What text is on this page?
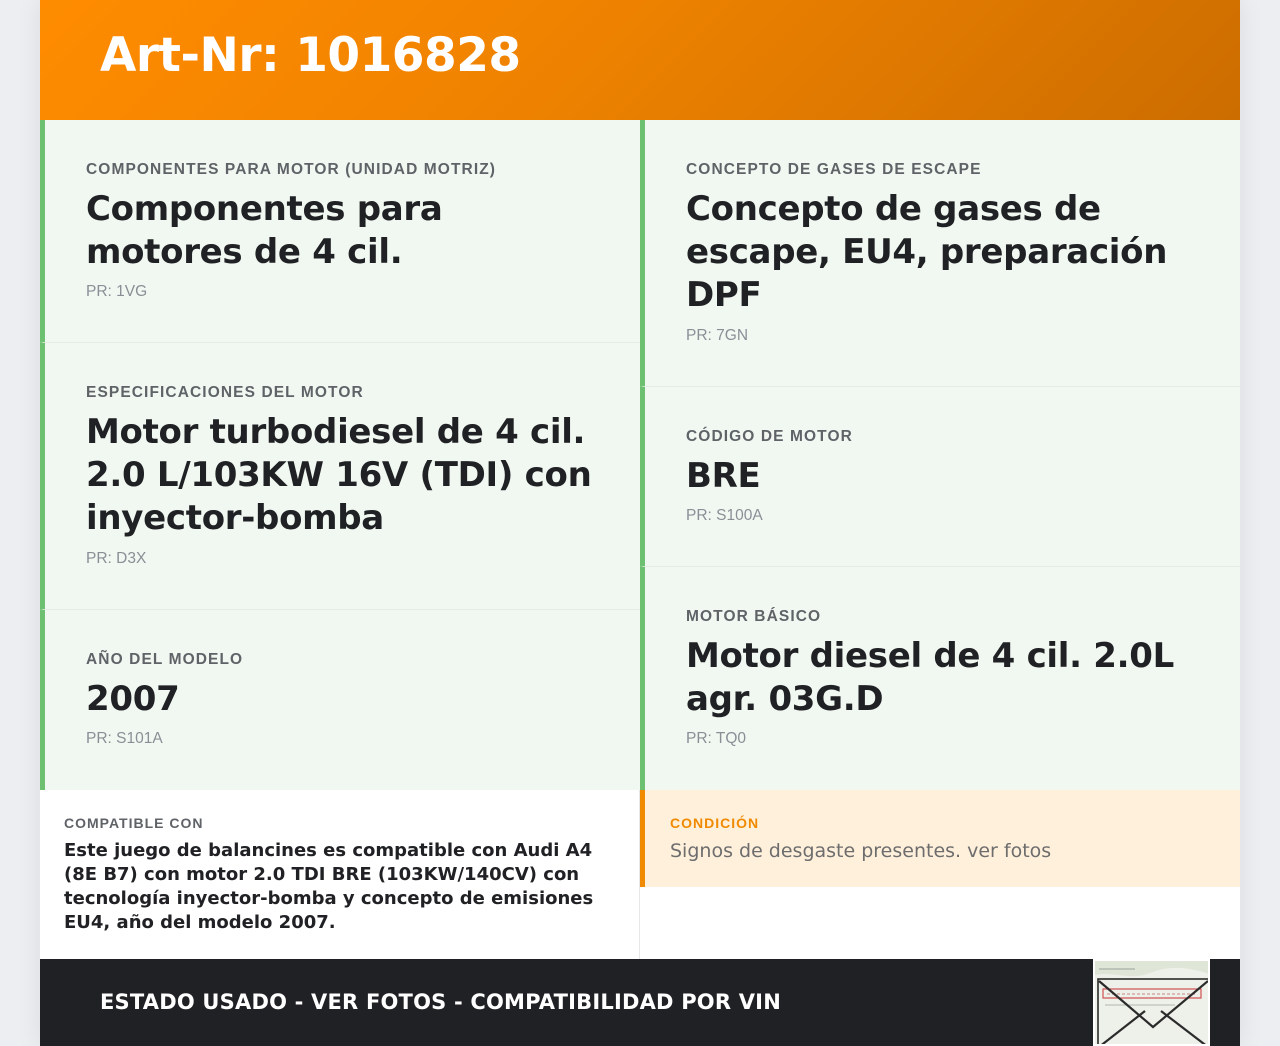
Art-Nr: 1016828
COMPONENTES PARA MOTOR (UNIDAD MOTRIZ)
Componentes para motores de 4 cil.
PR: 1VG
ESPECIFICACIONES DEL MOTOR
Motor turbodiesel de 4 cil. 2.0 L/103KW 16V (TDI) con inyector-bomba
PR: D3X
AÑO DEL MODELO
2007
PR: S101A
CONCEPTO DE GASES DE ESCAPE
Concepto de gases de escape, EU4, preparación DPF
PR: 7GN
CÓDIGO DE MOTOR
BRE
PR: S100A
MOTOR BÁSICO
Motor diesel de 4 cil. 2.0L agr. 03G.D
PR: TQ0
COMPATIBLE CON
Este juego de balancines es compatible con Audi A4 (8E B7) con motor 2.0 TDI BRE (103KW/140CV) con tecnología inyector-bomba y concepto de emisiones EU4, año del modelo 2007.
CONDICIÓN
Signos de desgaste presentes. ver fotos
ESTADO USADO - VER FOTOS - COMPATIBILIDAD POR VIN
